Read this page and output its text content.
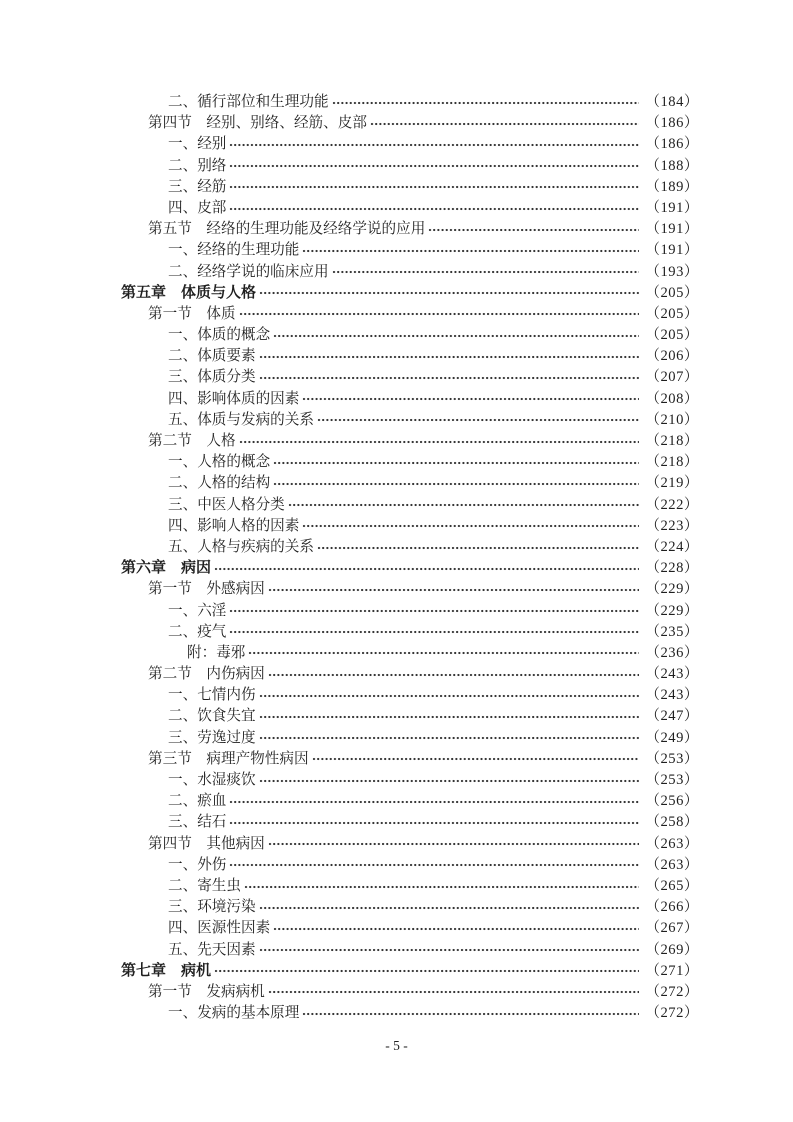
二、循行部位和生理功能	（184）
第四节　经别、别络、经筋、皮部	（186）
一、经别	（186）
二、别络	（188）
三、经筋	（189）
四、皮部	（191）
第五节　经络的生理功能及经络学说的应用	（191）
一、经络的生理功能	（191）
二、经络学说的临床应用	（193）
第五章　体质与人格	（205）
第一节　体质	（205）
一、体质的概念	（205）
二、体质要素	（206）
三、体质分类	（207）
四、影响体质的因素	（208）
五、体质与发病的关系	（210）
第二节　人格	（218）
一、人格的概念	（218）
二、人格的结构	（219）
三、中医人格分类	（222）
四、影响人格的因素	（223）
五、人格与疾病的关系	（224）
第六章　病因	（228）
第一节　外感病因	（229）
一、六淫	（229）
二、疫气	（235）
附：毒邪	（236）
第二节　内伤病因	（243）
一、七情内伤	（243）
二、饮食失宜	（247）
三、劳逸过度	（249）
第三节　病理产物性病因	（253）
一、水湿痰饮	（253）
二、瘀血	（256）
三、结石	（258）
第四节　其他病因	（263）
一、外伤	（263）
二、寄生虫	（265）
三、环境污染	（266）
四、医源性因素	（267）
五、先天因素	（269）
第七章　病机	（271）
第一节　发病病机	（272）
一、发病的基本原理	（272）
- 5 -
